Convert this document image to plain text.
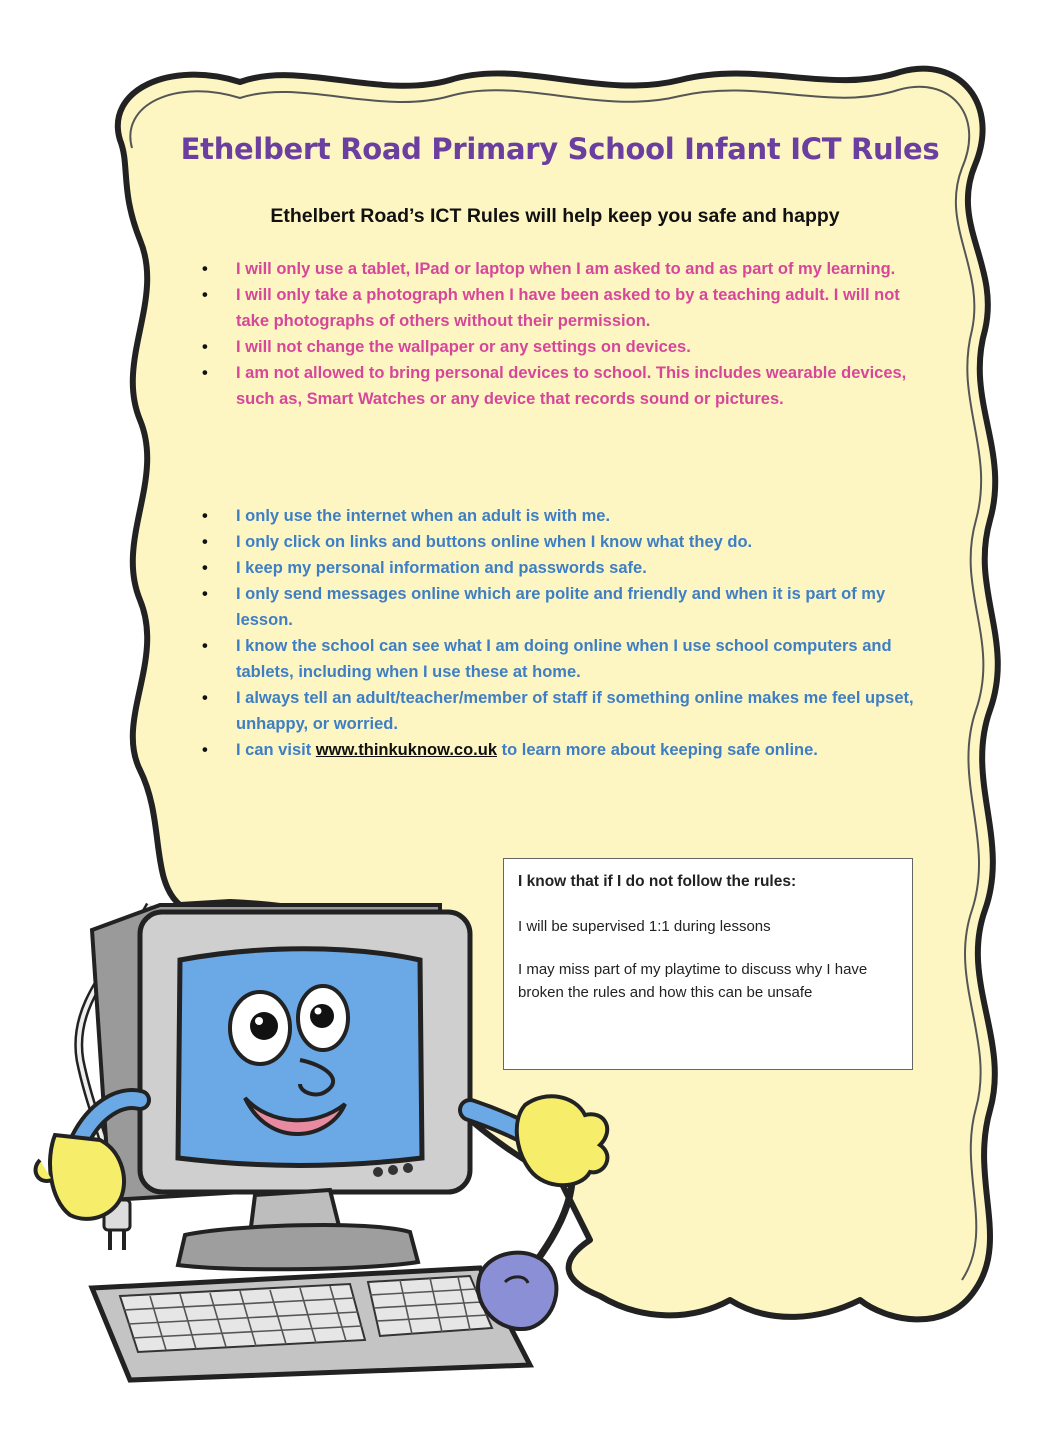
Ethelbert Road Primary School Infant ICT Rules

Ethelbert Road’s ICT Rules will help keep you safe and happy

• I will only use a tablet, IPad or laptop when I am asked to and as part of my learning.
• I will only take a photograph when I have been asked to by a teaching adult. I will not take photographs of others without their permission.
• I will not change the wallpaper or any settings on devices.
• I am not allowed to bring personal devices to school. This includes wearable devices, such as, Smart Watches or any device that records sound or pictures.
• I only use the internet when an adult is with me.
• I only click on links and buttons online when I know what they do.
• I keep my personal information and passwords safe.
• I only send messages online which are polite and friendly and when it is part of my lesson.
• I know the school can see what I am doing online when I use school computers and tablets, including when I use these at home.
• I always tell an adult/teacher/member of staff if something online makes me feel upset, unhappy, or worried.
• I can visit www.thinkuknow.co.uk to learn more about keeping safe online.
I know that if I do not follow the rules:

I will be supervised 1:1 during lessons

I may miss part of my playtime to discuss why I have broken the rules and how this can be unsafe
